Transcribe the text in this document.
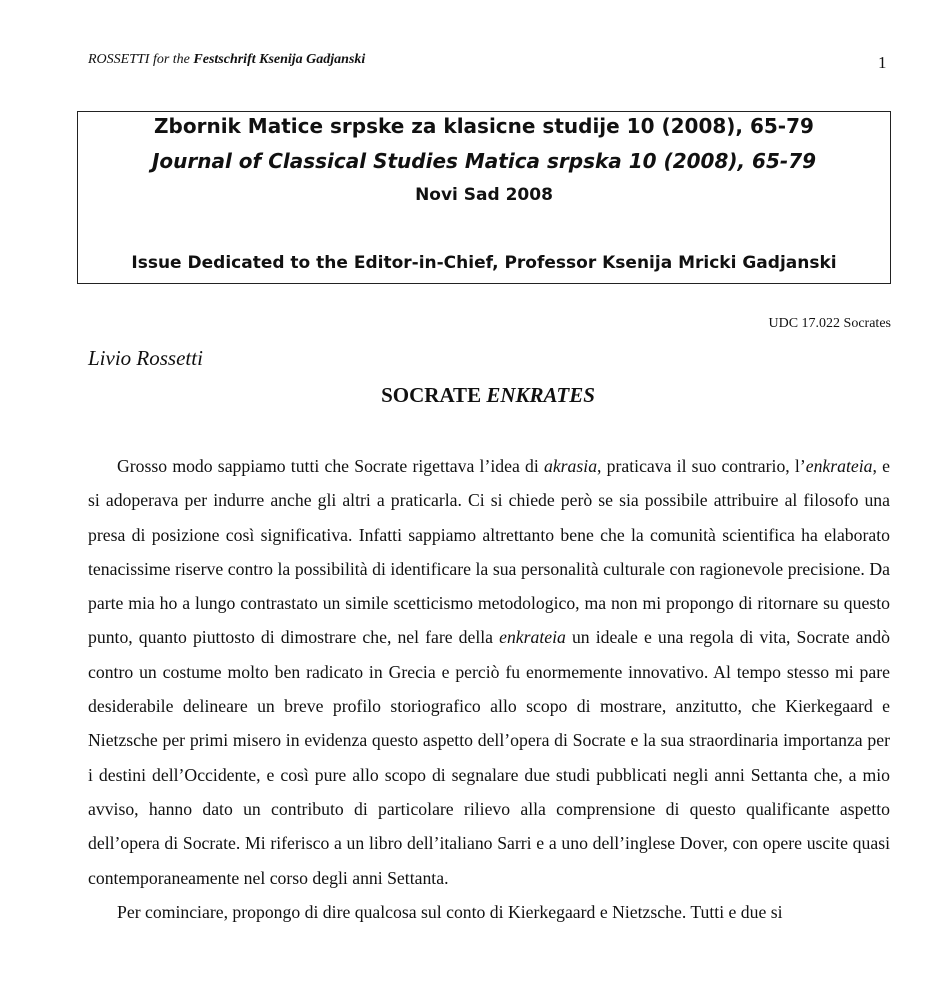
ROSSETTI for the Festschrift Ksenija Gadjanski	1
Zbornik Matice srpske za klasicne studije 10 (2008), 65-79
Journal of Classical Studies Matica srpska 10 (2008), 65-79
Novi Sad 2008
Issue Dedicated to the Editor-in-Chief, Professor Ksenija Mricki Gadjanski
UDC 17.022 Socrates
Livio Rossetti
SOCRATE ENKRATES

Grosso modo sappiamo tutti che Socrate rigettava l’idea di akrasia, praticava il suo contrario, l’enkrateia, e si adoperava per indurre anche gli altri a praticarla. Ci si chiede però se sia possibile attribuire al filosofo una presa di posizione così significativa. Infatti sappiamo altrettanto bene che la comunità scientifica ha elaborato tenacissime riserve contro la possibilità di identificare la sua personalità culturale con ragionevole precisione. Da parte mia ho a lungo contrastato un simile scetticismo metodologico, ma non mi propongo di ritornare su questo punto, quanto piuttosto di dimostrare che, nel fare della enkrateia un ideale e una regola di vita, Socrate andò contro un costume molto ben radicato in Grecia e perciò fu enormemente innovativo. Al tempo stesso mi pare desiderabile delineare un breve profilo storiografico allo scopo di mostrare, anzitutto, che Kierkegaard e Nietzsche per primi misero in evidenza questo aspetto dell’opera di Socrate e la sua straordinaria importanza per i destini dell’Occidente, e così pure allo scopo di segnalare due studi pubblicati negli anni Settanta che, a mio avviso, hanno dato un contributo di particolare rilievo alla comprensione di questo qualificante aspetto dell’opera di Socrate. Mi riferisco a un libro dell’italiano Sarri e a uno dell’inglese Dover, con opere uscite quasi contemporaneamente nel corso degli anni Settanta.

Per cominciare, propongo di dire qualcosa sul conto di Kierkegaard e Nietzsche. Tutti e due si
